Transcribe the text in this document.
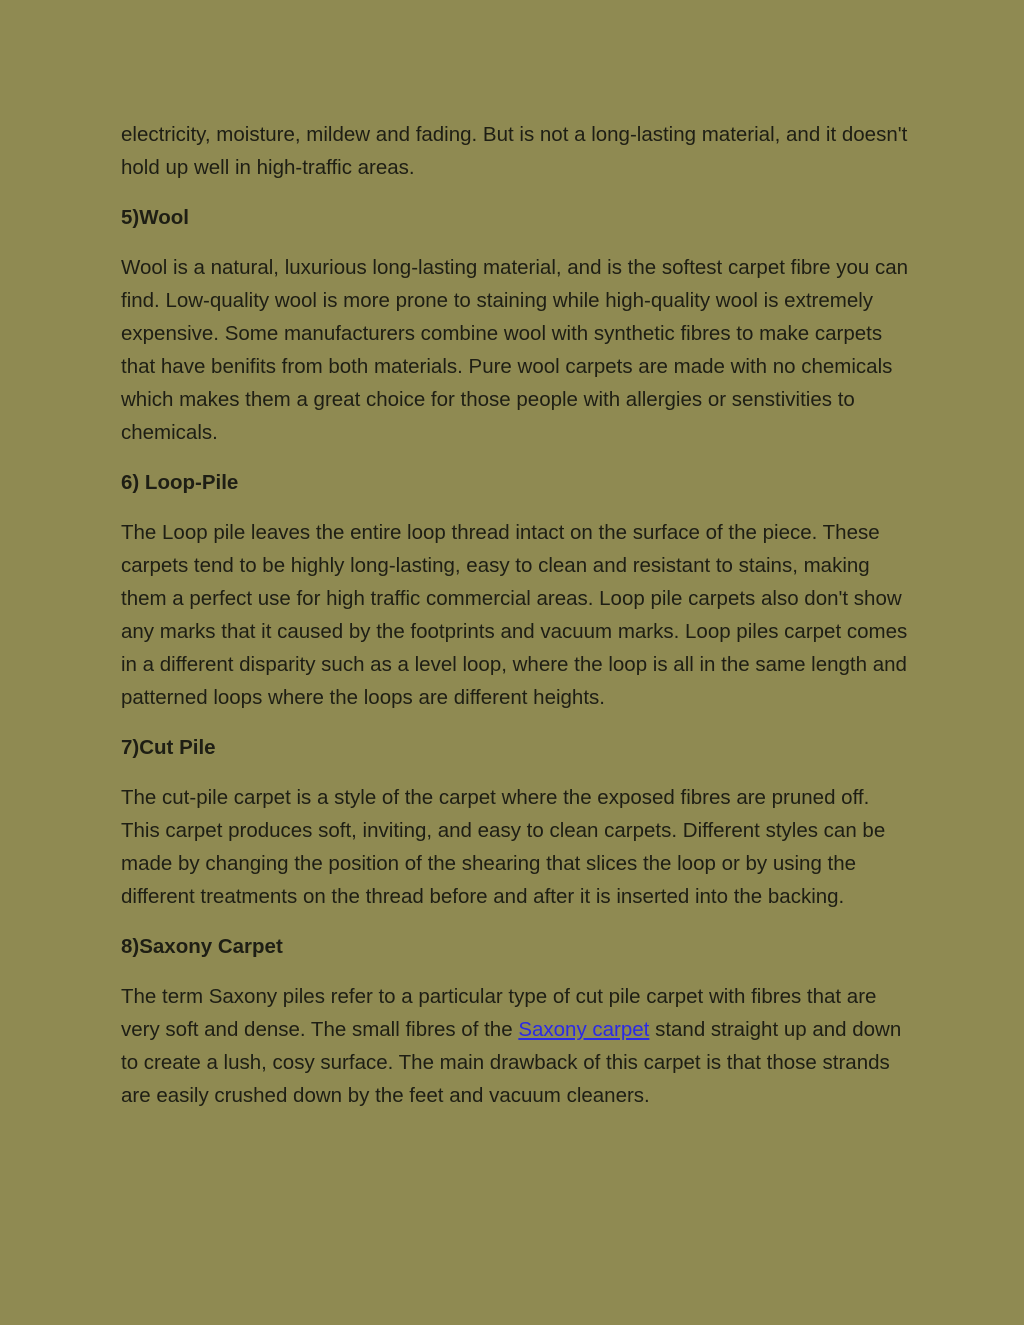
electricity, moisture, mildew and fading. But is not a long-lasting material, and it doesn't hold up well in high-traffic areas.

5)Wool

Wool is a natural, luxurious long-lasting material, and is the softest carpet fibre you can find. Low-quality wool is more prone to staining while high-quality wool is extremely expensive. Some manufacturers combine wool with synthetic fibres to make carpets that have benifits from both materials. Pure wool carpets are made with no chemicals which makes them a great choice for those people with allergies or senstivities to chemicals.

6) Loop-Pile

The Loop pile leaves the entire loop thread intact on the surface of the piece. These carpets tend to be highly long-lasting, easy to clean and resistant to stains, making them a perfect use for high traffic commercial areas. Loop pile carpets also don't show any marks that it caused by the footprints and vacuum marks. Loop piles carpet comes in a different disparity such as a level loop, where the loop is all in the same length and patterned loops where the loops are different heights.

7)Cut Pile

The cut-pile carpet is a style of the carpet where the exposed fibres are pruned off. This carpet produces soft, inviting, and easy to clean carpets. Different styles can be made by changing the position of the shearing that slices the loop or by using the different treatments on the thread before and after it is inserted into the backing.

8)Saxony Carpet

The term Saxony piles refer to a particular type of cut pile carpet with fibres that are very soft and dense. The small fibres of the Saxony carpet stand straight up and down to create a lush, cosy surface. The main drawback of this carpet is that those strands are easily crushed down by the feet and vacuum cleaners.
